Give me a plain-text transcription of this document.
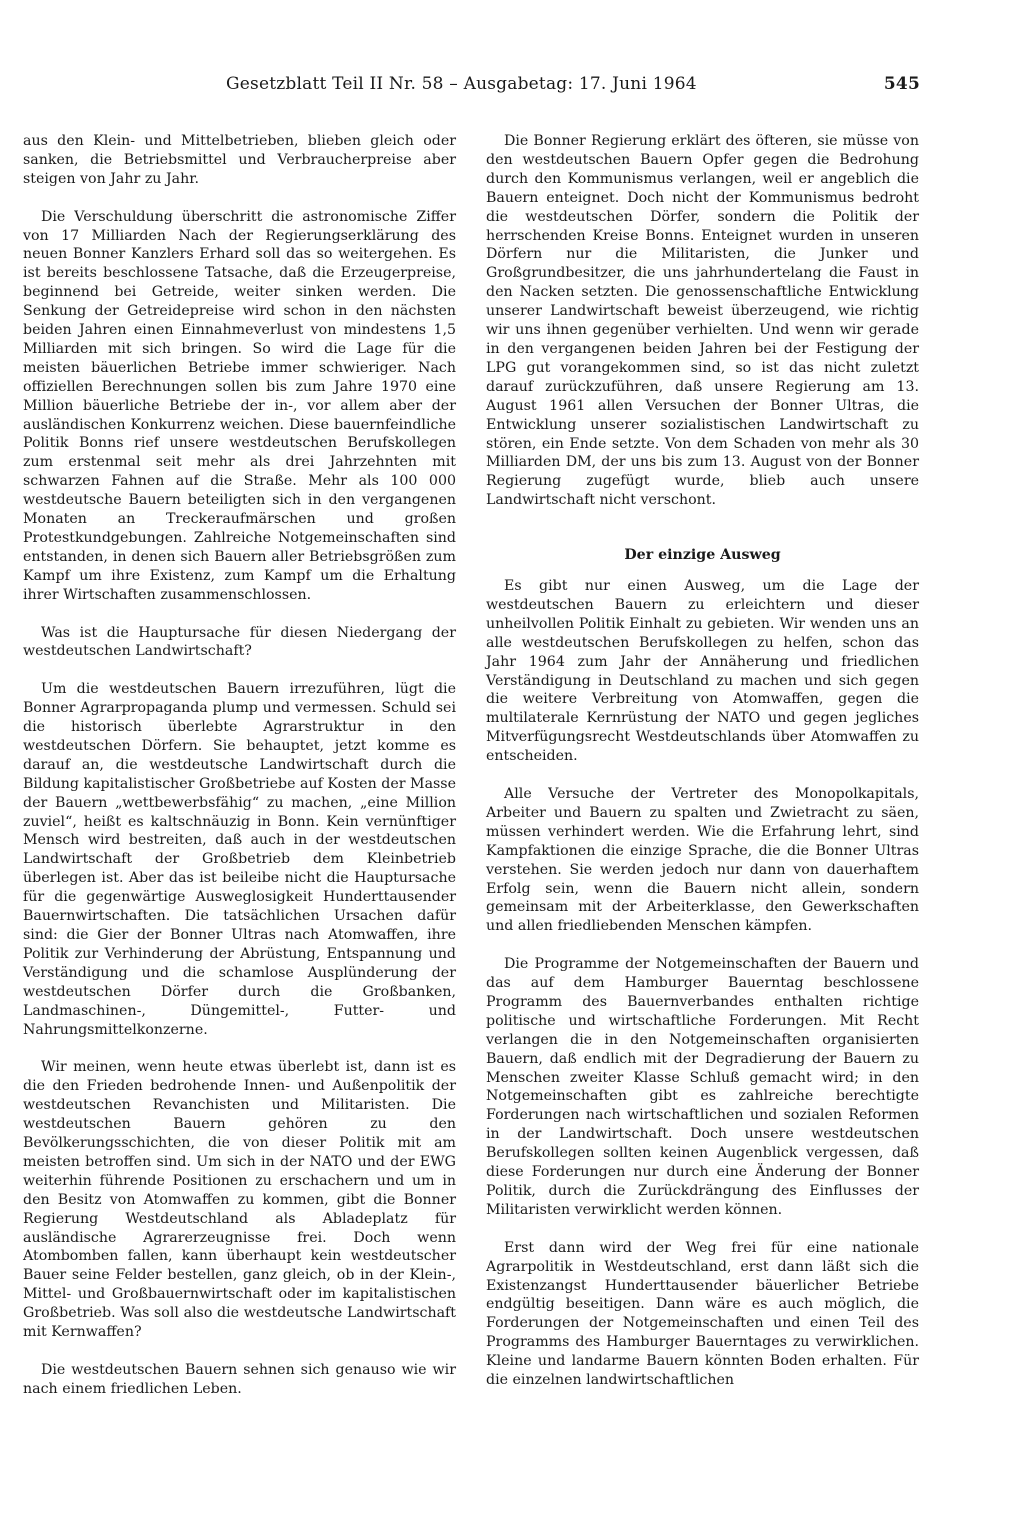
Gesetzblatt Teil II Nr. 58 – Ausgabetag: 17. Juni 1964	545

aus den Klein- und Mittelbetrieben, blieben gleich oder sanken, die Betriebsmittel und Verbraucherpreise aber steigen von Jahr zu Jahr.

Die Verschuldung überschritt die astronomische Ziffer von 17 Milliarden Nach der Regierungserklärung des neuen Bonner Kanzlers Erhard soll das so weitergehen. Es ist bereits beschlossene Tatsache, daß die Erzeugerpreise, beginnend bei Getreide, weiter sinken werden. Die Senkung der Getreidepreise wird schon in den nächsten beiden Jahren einen Einnahmeverlust von mindestens 1,5 Milliarden mit sich bringen. So wird die Lage für die meisten bäuerlichen Betriebe immer schwieriger. Nach offiziellen Berechnungen sollen bis zum Jahre 1970 eine Million bäuerliche Betriebe der in-, vor allem aber der ausländischen Konkurrenz weichen. Diese bauernfeindliche Politik Bonns rief unsere westdeutschen Berufskollegen zum erstenmal seit mehr als drei Jahrzehnten mit schwarzen Fahnen auf die Straße. Mehr als 100 000 westdeutsche Bauern beteiligten sich in den vergangenen Monaten an Treckeraufmärschen und großen Protestkundgebungen. Zahlreiche Notgemeinschaften sind entstanden, in denen sich Bauern aller Betriebsgrößen zum Kampf um ihre Existenz, zum Kampf um die Erhaltung ihrer Wirtschaften zusammenschlossen.

Was ist die Hauptursache für diesen Niedergang der westdeutschen Landwirtschaft?

Um die westdeutschen Bauern irrezuführen, lügt die Bonner Agrarpropaganda plump und vermessen. Schuld sei die historisch überlebte Agrarstruktur in den westdeutschen Dörfern. Sie behauptet, jetzt komme es darauf an, die westdeutsche Landwirtschaft durch die Bildung kapitalistischer Großbetriebe auf Kosten der Masse der Bauern „wettbewerbsfähig“ zu machen, „eine Million zuviel“, heißt es kaltschnäuzig in Bonn. Kein vernünftiger Mensch wird bestreiten, daß auch in der westdeutschen Landwirtschaft der Großbetrieb dem Kleinbetrieb überlegen ist. Aber das ist beileibe nicht die Hauptursache für die gegenwärtige Ausweglosigkeit Hunderttausender Bauernwirtschaften. Die tatsächlichen Ursachen dafür sind: die Gier der Bonner Ultras nach Atomwaffen, ihre Politik zur Verhinderung der Abrüstung, Entspannung und Verständigung und die schamlose Ausplünderung der westdeutschen Dörfer durch die Großbanken, Landmaschinen-, Düngemittel-, Futter- und Nahrungsmittelkonzerne.

Wir meinen, wenn heute etwas überlebt ist, dann ist es die den Frieden bedrohende Innen- und Außenpolitik der westdeutschen Revanchisten und Militaristen. Die westdeutschen Bauern gehören zu den Bevölkerungsschichten, die von dieser Politik mit am meisten betroffen sind. Um sich in der NATO und der EWG weiterhin führende Positionen zu erschachern und um in den Besitz von Atomwaffen zu kommen, gibt die Bonner Regierung Westdeutschland als Abladeplatz für ausländische Agrarerzeugnisse frei. Doch wenn Atombomben fallen, kann überhaupt kein westdeutscher Bauer seine Felder bestellen, ganz gleich, ob in der Klein-, Mittel- und Großbauernwirtschaft oder im kapitalistischen Großbetrieb. Was soll also die westdeutsche Landwirtschaft mit Kernwaffen?

Die westdeutschen Bauern sehnen sich genauso wie wir nach einem friedlichen Leben.

Die Bonner Regierung erklärt des öfteren, sie müsse von den westdeutschen Bauern Opfer gegen die Bedrohung durch den Kommunismus verlangen, weil er angeblich die Bauern enteignet. Doch nicht der Kommunismus bedroht die westdeutschen Dörfer, sondern die Politik der herrschenden Kreise Bonns. Enteignet wurden in unseren Dörfern nur die Militaristen, die Junker und Großgrundbesitzer, die uns jahrhundertelang die Faust in den Nacken setzten. Die genossenschaftliche Entwicklung unserer Landwirtschaft beweist überzeugend, wie richtig wir uns ihnen gegenüber verhielten. Und wenn wir gerade in den vergangenen beiden Jahren bei der Festigung der LPG gut vorangekommen sind, so ist das nicht zuletzt darauf zurückzuführen, daß unsere Regierung am 13. August 1961 allen Versuchen der Bonner Ultras, die Entwicklung unserer sozialistischen Landwirtschaft zu stören, ein Ende setzte. Von dem Schaden von mehr als 30 Milliarden DM, der uns bis zum 13. August von der Bonner Regierung zugefügt wurde, blieb auch unsere Landwirtschaft nicht verschont.

Der einzige Ausweg

Es gibt nur einen Ausweg, um die Lage der westdeutschen Bauern zu erleichtern und dieser unheilvollen Politik Einhalt zu gebieten. Wir wenden uns an alle westdeutschen Berufskollegen zu helfen, schon das Jahr 1964 zum Jahr der Annäherung und friedlichen Verständigung in Deutschland zu machen und sich gegen die weitere Verbreitung von Atomwaffen, gegen die multilaterale Kernrüstung der NATO und gegen jegliches Mitverfügungsrecht Westdeutschlands über Atomwaffen zu entscheiden.

Alle Versuche der Vertreter des Monopolkapitals, Arbeiter und Bauern zu spalten und Zwietracht zu säen, müssen verhindert werden. Wie die Erfahrung lehrt, sind Kampfaktionen die einzige Sprache, die die Bonner Ultras verstehen. Sie werden jedoch nur dann von dauerhaftem Erfolg sein, wenn die Bauern nicht allein, sondern gemeinsam mit der Arbeiterklasse, den Gewerkschaften und allen friedliebenden Menschen kämpfen.

Die Programme der Notgemeinschaften der Bauern und das auf dem Hamburger Bauerntag beschlossene Programm des Bauernverbandes enthalten richtige politische und wirtschaftliche Forderungen. Mit Recht verlangen die in den Notgemeinschaften organisierten Bauern, daß endlich mit der Degradierung der Bauern zu Menschen zweiter Klasse Schluß gemacht wird; in den Notgemeinschaften gibt es zahlreiche berechtigte Forderungen nach wirtschaftlichen und sozialen Reformen in der Landwirtschaft. Doch unsere westdeutschen Berufskollegen sollten keinen Augenblick vergessen, daß diese Forderungen nur durch eine Änderung der Bonner Politik, durch die Zurückdrängung des Einflusses der Militaristen verwirklicht werden können.

Erst dann wird der Weg frei für eine nationale Agrarpolitik in Westdeutschland, erst dann läßt sich die Existenzangst Hunderttausender bäuerlicher Betriebe endgültig beseitigen. Dann wäre es auch möglich, die Forderungen der Notgemeinschaften und einen Teil des Programms des Hamburger Bauerntages zu verwirklichen. Kleine und landarme Bauern könnten Boden erhalten. Für die einzelnen landwirtschaftlichen
